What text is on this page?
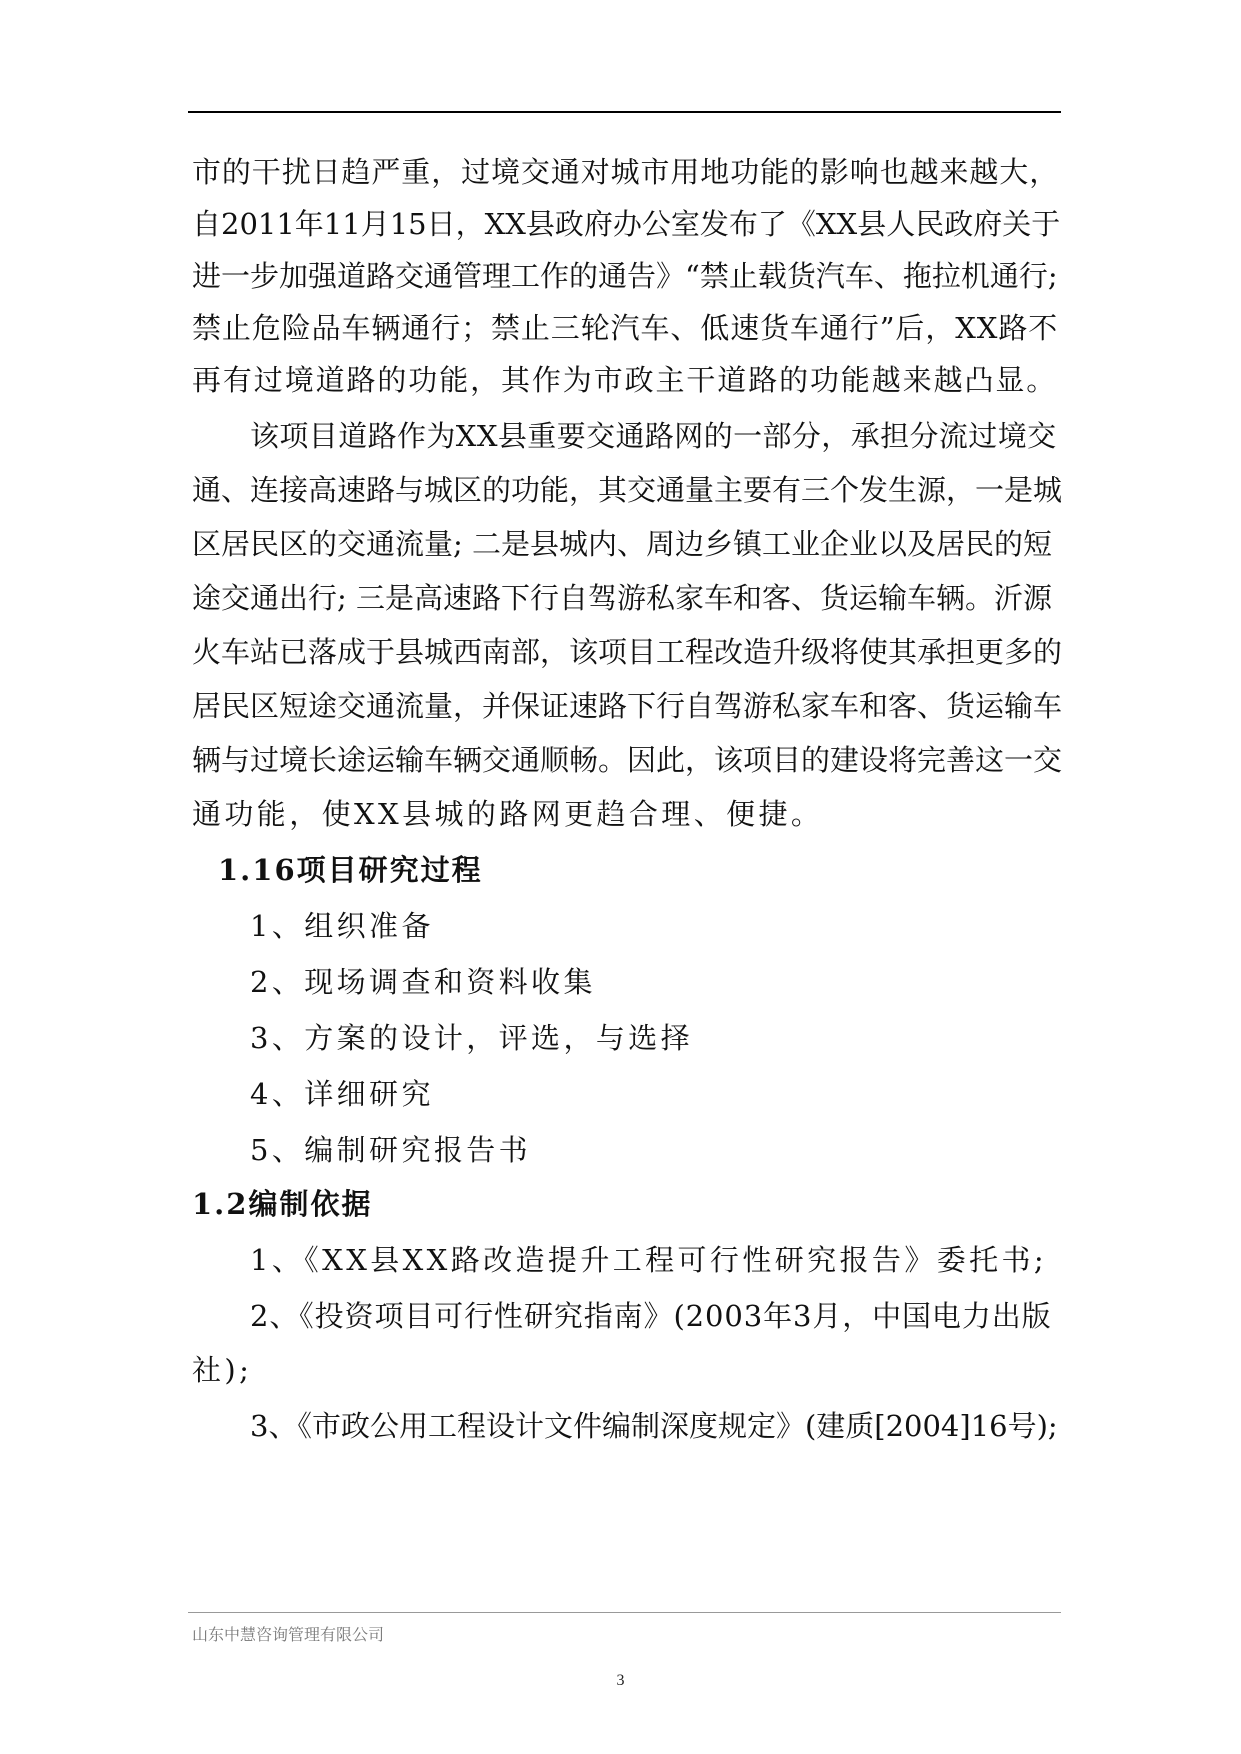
市的干扰日趋严重，过境交通对城市用地功能的影响也越来越大，
自2011年11月15日，XX县政府办公室发布了《XX县人民政府关于
进一步加强道路交通管理工作的通告》“禁止载货汽车、拖拉机通行;
禁止危险品车辆通行；禁止三轮汽车、低速货车通行”后，XX路不
再有过境道路的功能，其作为市政主干道路的功能越来越凸显。
该项目道路作为XX县重要交通路网的一部分，承担分流过境交
通、连接高速路与城区的功能，其交通量主要有三个发生源，一是城
区居民区的交通流量; 二是县城内、周边乡镇工业企业以及居民的短
途交通出行; 三是高速路下行自驾游私家车和客、货运输车辆。沂源
火车站已落成于县城西南部，该项目工程改造升级将使其承担更多的
居民区短途交通流量，并保证速路下行自驾游私家车和客、货运输车
辆与过境长途运输车辆交通顺畅。因此，该项目的建设将完善这一交
通功能，使XX县城的路网更趋合理、便捷。
1.16项目研究过程
1、组织准备
2、现场调查和资料收集
3、方案的设计，评选，与选择
4、详细研究
5、编制研究报告书
1.2编制依据
1、《XX县XX路改造提升工程可行性研究报告》委托书;
2、《投资项目可行性研究指南》(2003年3月，中国电力出版
社);
3、《市政公用工程设计文件编制深度规定》(建质[2004]16号);
山东中慧咨询管理有限公司
3
